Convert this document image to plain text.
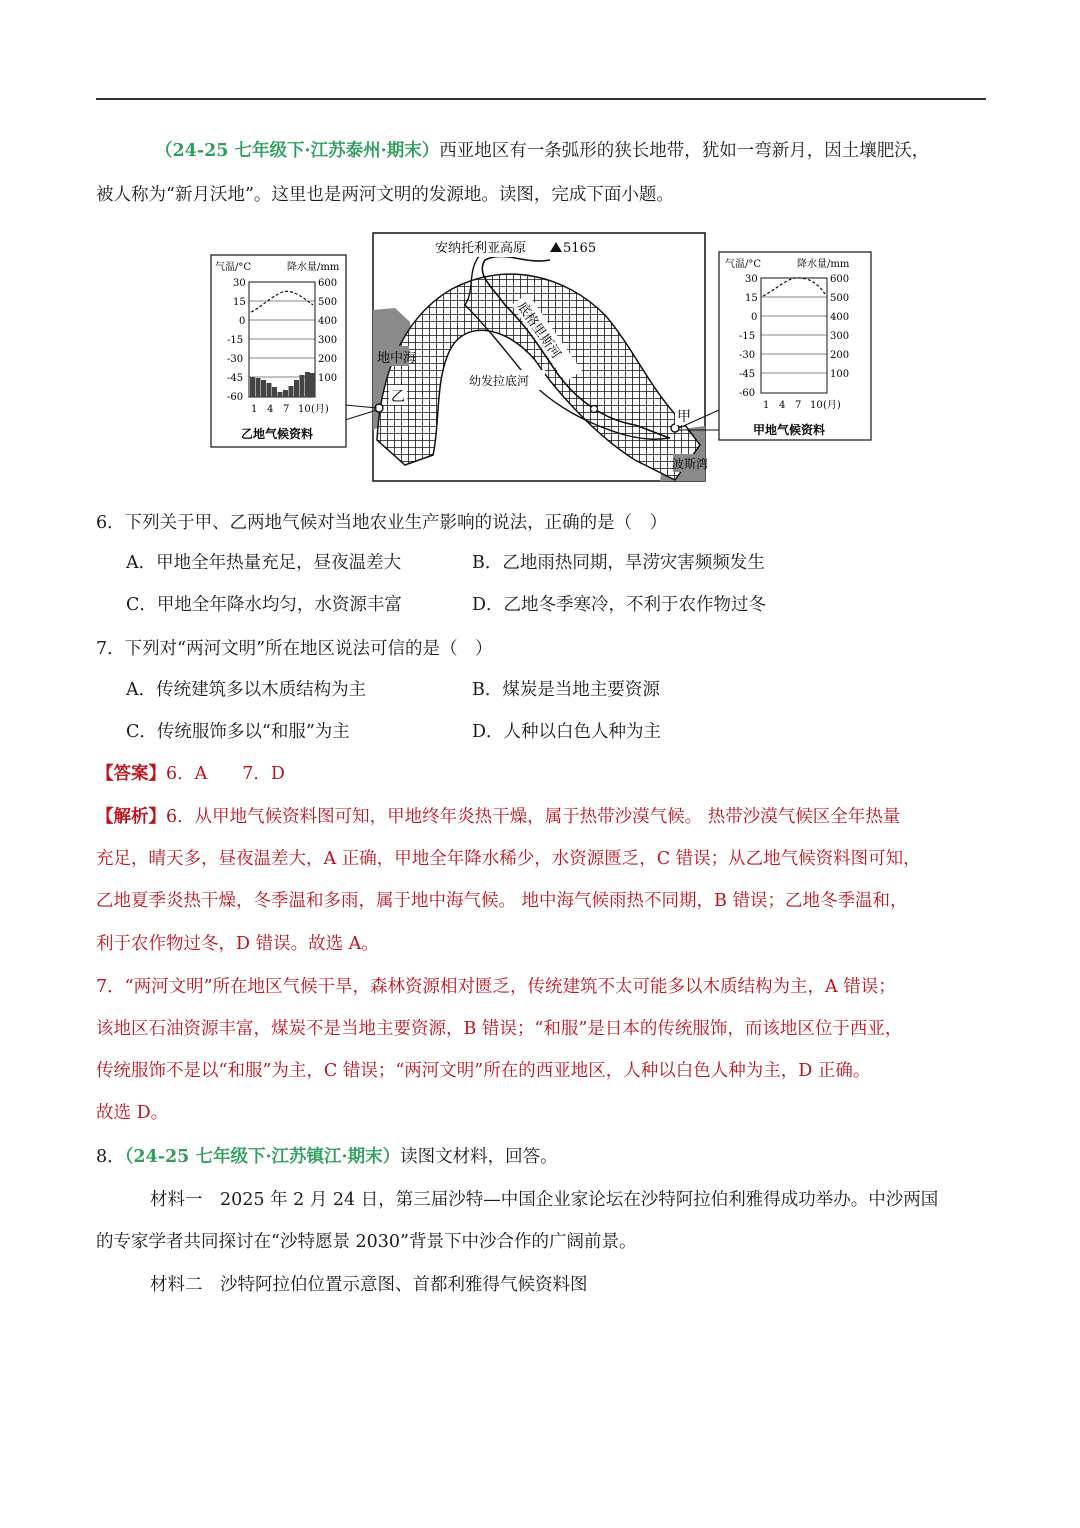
（24-25 七年级下·江苏泰州·期末）西亚地区有一条弧形的狭长地带，犹如一弯新月，因土壤肥沃，
被人称为“新月沃地”。这里也是两河文明的发源地。读图，完成下面小题。
安纳托利亚高原	5165
地中海	底格里斯河
幼发拉底河
波斯湾
乙
甲
气温/°C	降水量/mm
30
15
0
-15
-30
-45
-60
600
500
400
300
200
100
1 4 7 10 (月)
乙地气候资料
气温/°C	降水量/mm
30
15
0
-15
-30
-45
-60
600
500
400
300
200
100
1 4 7 10 (月)
甲地气候资料
6．下列关于甲、乙两地气候对当地农业生产影响的说法，正确的是（　）
A．甲地全年热量充足，昼夜温差大	B．乙地雨热同期，旱涝灾害频频发生
C．甲地全年降水均匀，水资源丰富	D．乙地冬季寒冷，不利于农作物过冬
7．下列对“两河文明”所在地区说法可信的是（　）
A．传统建筑多以木质结构为主	B．煤炭是当地主要资源
C．传统服饰多以“和服”为主	D．人种以白色人种为主
【答案】6．A　　7．D
【解析】6．从甲地气候资料图可知，甲地终年炎热干燥，属于热带沙漠气候。 热带沙漠气候区全年热量
充足，晴天多，昼夜温差大，A 正确，甲地全年降水稀少，水资源匮乏，C 错误；从乙地气候资料图可知，
乙地夏季炎热干燥，冬季温和多雨，属于地中海气候。 地中海气候雨热不同期，B 错误；乙地冬季温和，
利于农作物过冬，D 错误。故选 A。
7．“两河文明”所在地区气候干旱，森林资源相对匮乏，传统建筑不太可能多以木质结构为主，A 错误；
该地区石油资源丰富，煤炭不是当地主要资源，B 错误；“和服”是日本的传统服饰，而该地区位于西亚，
传统服饰不是以“和服”为主，C 错误；“两河文明”所在的西亚地区，人种以白色人种为主，D 正确。
故选 D。
8．（24-25 七年级下·江苏镇江·期末）读图文材料，回答。
材料一　2025 年 2 月 24 日，第三届沙特—中国企业家论坛在沙特阿拉伯利雅得成功举办。中沙两国
的专家学者共同探讨在“沙特愿景 2030”背景下中沙合作的广阔前景。
材料二　沙特阿拉伯位置示意图、首都利雅得气候资料图
